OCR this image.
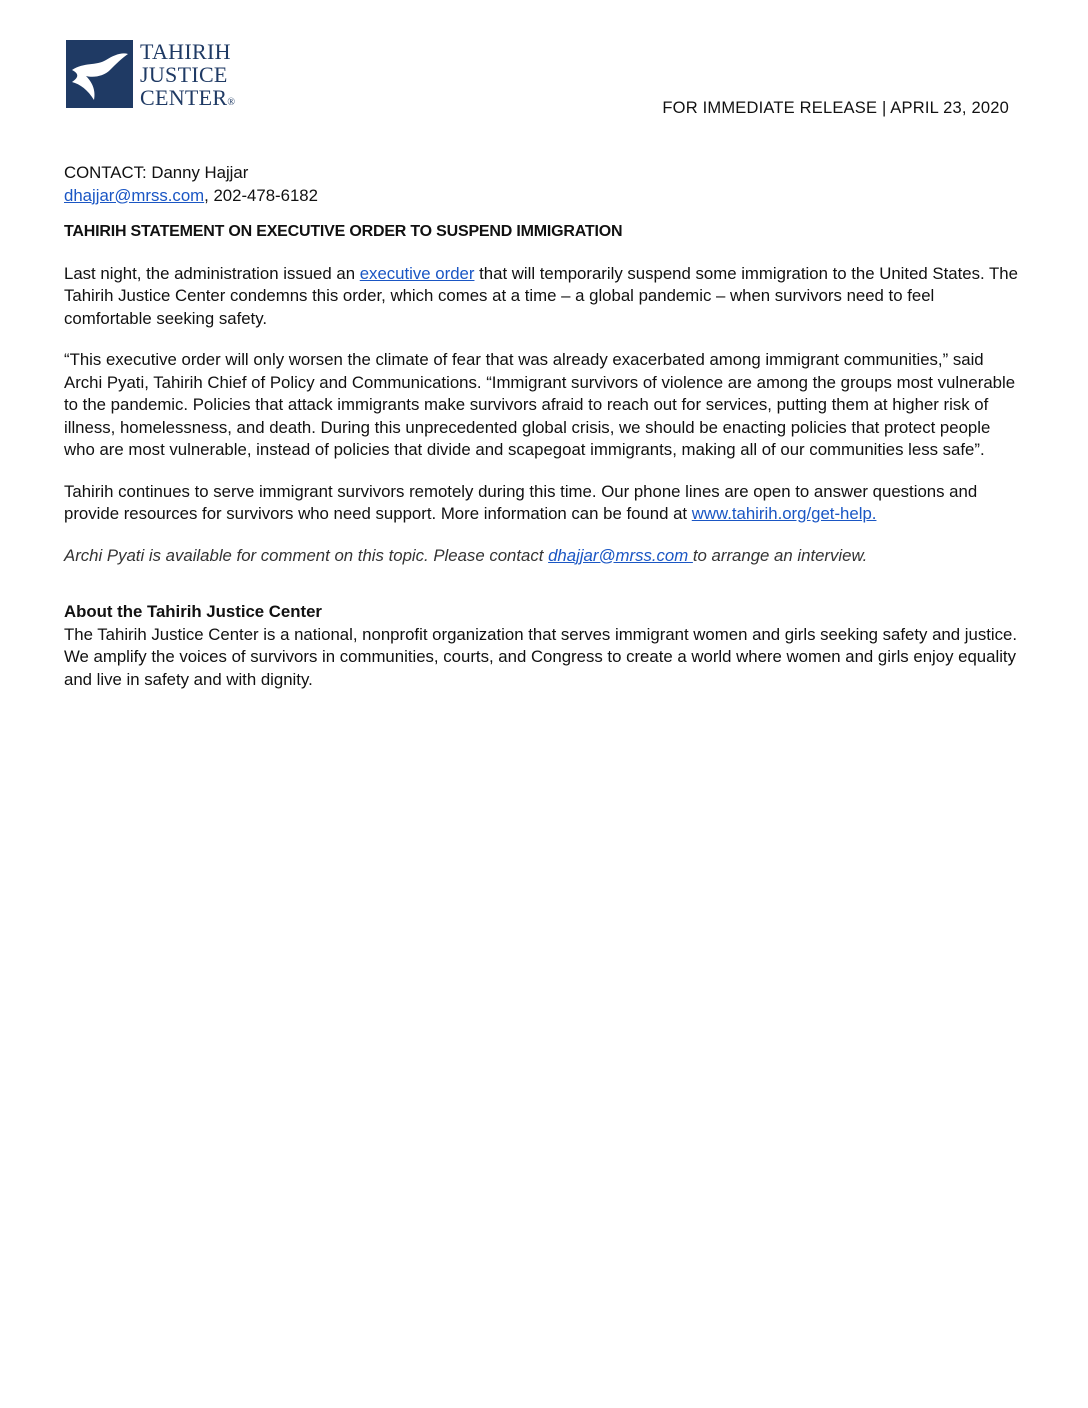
TAHIRIH
JUSTICE
CENTER®	FOR IMMEDIATE RELEASE | APRIL 23, 2020

CONTACT: Danny Hajjar

dhajjar@mrss.com, 202-478-6182

TAHIRIH STATEMENT ON EXECUTIVE ORDER TO SUSPEND IMMIGRATION

Last night, the administration issued an executive order that will temporarily suspend some immigration to the United States. The Tahirih Justice Center condemns this order, which comes at a time – a global pandemic – when survivors need to feel comfortable seeking safety.

“This executive order will only worsen the climate of fear that was already exacerbated among immigrant communities,” said Archi Pyati, Tahirih Chief of Policy and Communications. “Immigrant survivors of violence are among the groups most vulnerable to the pandemic. Policies that attack immigrants make survivors afraid to reach out for services, putting them at higher risk of illness, homelessness, and death. During this unprecedented global crisis, we should be enacting policies that protect people who are most vulnerable, instead of policies that divide and scapegoat immigrants, making all of our communities less safe”.

Tahirih continues to serve immigrant survivors remotely during this time. Our phone lines are open to answer questions and provide resources for survivors who need support. More information can be found at www.tahirih.org/get-help.

Archi Pyati is available for comment on this topic. Please contact dhajjar@mrss.com to arrange an interview.

About the Tahirih Justice Center

The Tahirih Justice Center is a national, nonprofit organization that serves immigrant women and girls seeking safety and justice. We amplify the voices of survivors in communities, courts, and Congress to create a world where women and girls enjoy equality and live in safety and with dignity.
